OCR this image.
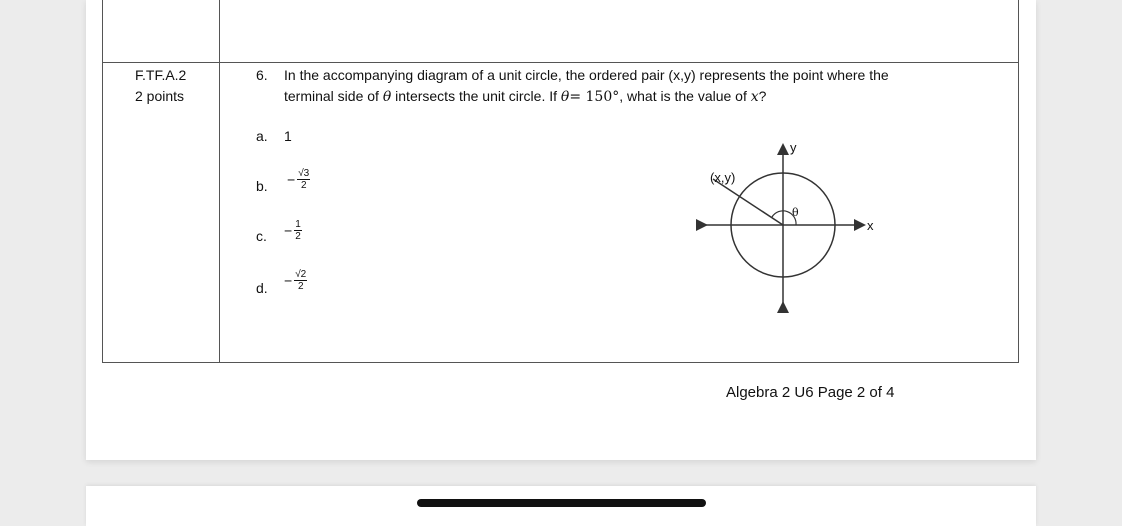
F.TF.A.2
2 points
6. In the accompanying diagram of a unit circle, the ordered pair (x,y) represents the point where the
terminal side of θ intersects the unit circle. If θ= 150°, what is the value of x?
a. 1
b. − $\frac{√3}{2}$
c. − $\frac{1}{2}$
d. − $\frac{√2}{2}$
(x,y)
y
x
θ
Algebra 2 U6 Page 2 of 4
